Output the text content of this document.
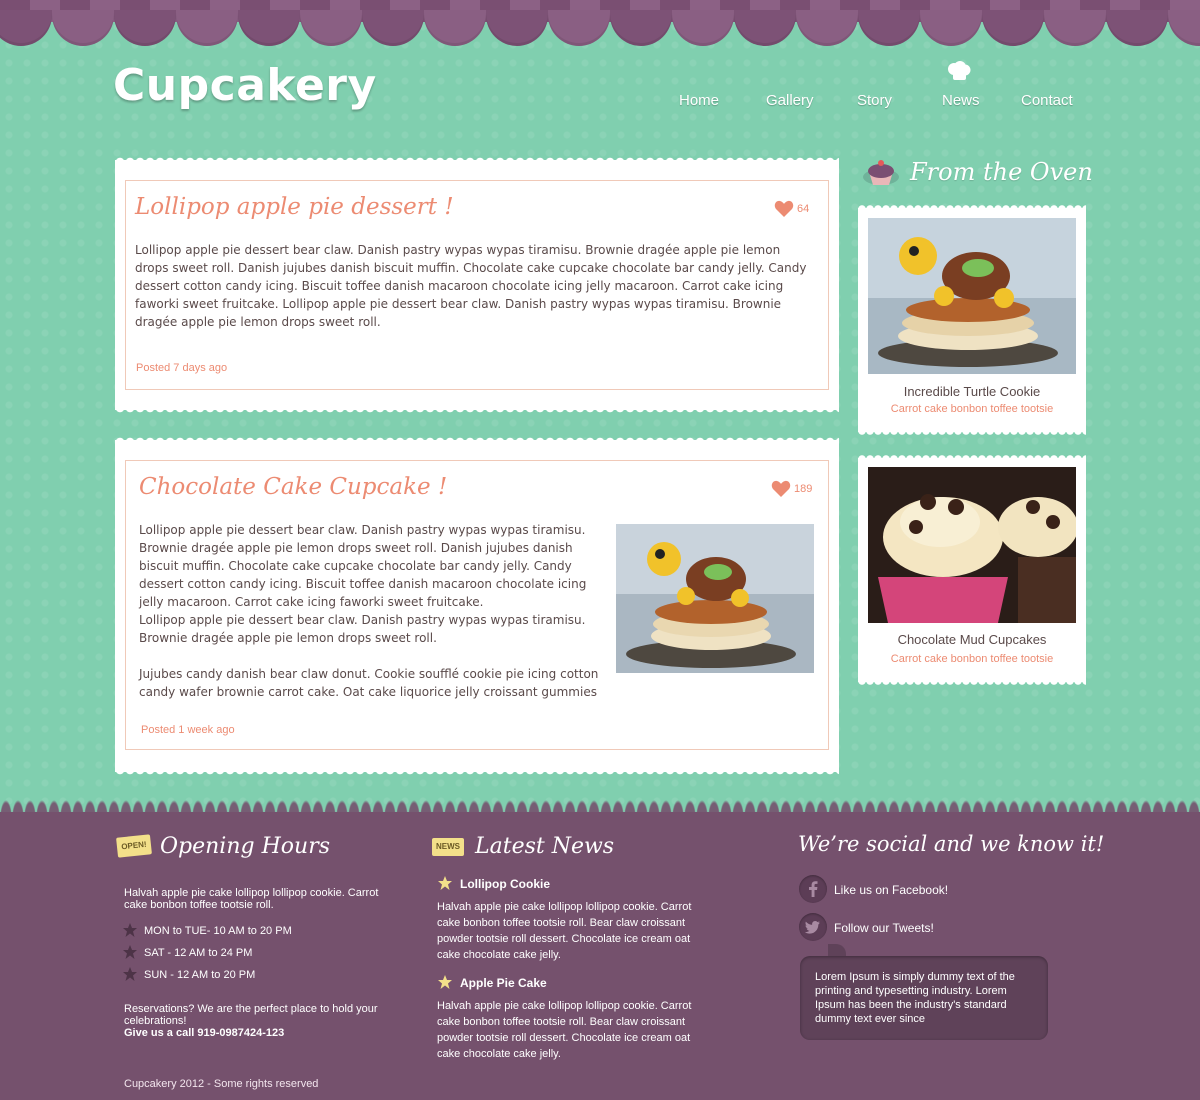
Cupcakery	Home	Gallery	Story	News	Contact
Lollipop apple pie dessert !	64
Lollipop apple pie dessert bear claw. Danish pastry wypas wypas tiramisu. Brownie dragée apple pie lemon drops sweet roll. Danish jujubes danish biscuit muffin. Chocolate cake cupcake chocolate bar candy jelly. Candy dessert cotton candy icing. Biscuit toffee danish macaroon chocolate icing jelly macaroon. Carrot cake icing faworki sweet fruitcake. Lollipop apple pie dessert bear claw. Danish pastry wypas wypas tiramisu. Brownie dragée apple pie lemon drops sweet roll.
Posted 7 days ago
Chocolate Cake Cupcake !	189
Lollipop apple pie dessert bear claw. Danish pastry wypas wypas tiramisu. Brownie dragée apple pie lemon drops sweet roll. Danish jujubes danish biscuit muffin. Chocolate cake cupcake chocolate bar candy jelly. Candy dessert cotton candy icing. Biscuit toffee danish macaroon chocolate icing jelly macaroon. Carrot cake icing faworki sweet fruitcake.
Lollipop apple pie dessert bear claw. Danish pastry wypas wypas tiramisu. Brownie dragée apple pie lemon drops sweet roll.
Jujubes candy danish bear claw donut. Cookie soufflé cookie pie icing cotton candy wafer brownie carrot cake. Oat cake liquorice jelly croissant gummies
Posted 1 week ago
From the Oven
Incredible Turtle Cookie
Carrot cake bonbon toffee tootsie
Chocolate Mud Cupcakes
Carrot cake bonbon toffee tootsie
OPEN! Opening Hours
Halvah apple pie cake lollipop lollipop cookie. Carrot cake bonbon toffee tootsie roll.
MON to TUE- 10 AM to 20 PM
SAT - 12 AM to 24 PM
SUN - 12 AM to 20 PM
Reservations? We are the perfect place to hold your celebrations!
Give us a call 919-0987424-123
NEWS Latest News
Lollipop Cookie
Halvah apple pie cake lollipop lollipop cookie. Carrot cake bonbon toffee tootsie roll. Bear claw croissant powder tootsie roll dessert. Chocolate ice cream oat cake chocolate cake jelly.
Apple Pie Cake
Halvah apple pie cake lollipop lollipop cookie. Carrot cake bonbon toffee tootsie roll. Bear claw croissant powder tootsie roll dessert. Chocolate ice cream oat cake chocolate cake jelly.
We’re social and we know it!
Like us on Facebook!
Follow our Tweets!
Lorem Ipsum is simply dummy text of the printing and typesetting industry. Lorem Ipsum has been the industry's standard dummy text ever since
Cupcakery 2012 - Some rights reserved
